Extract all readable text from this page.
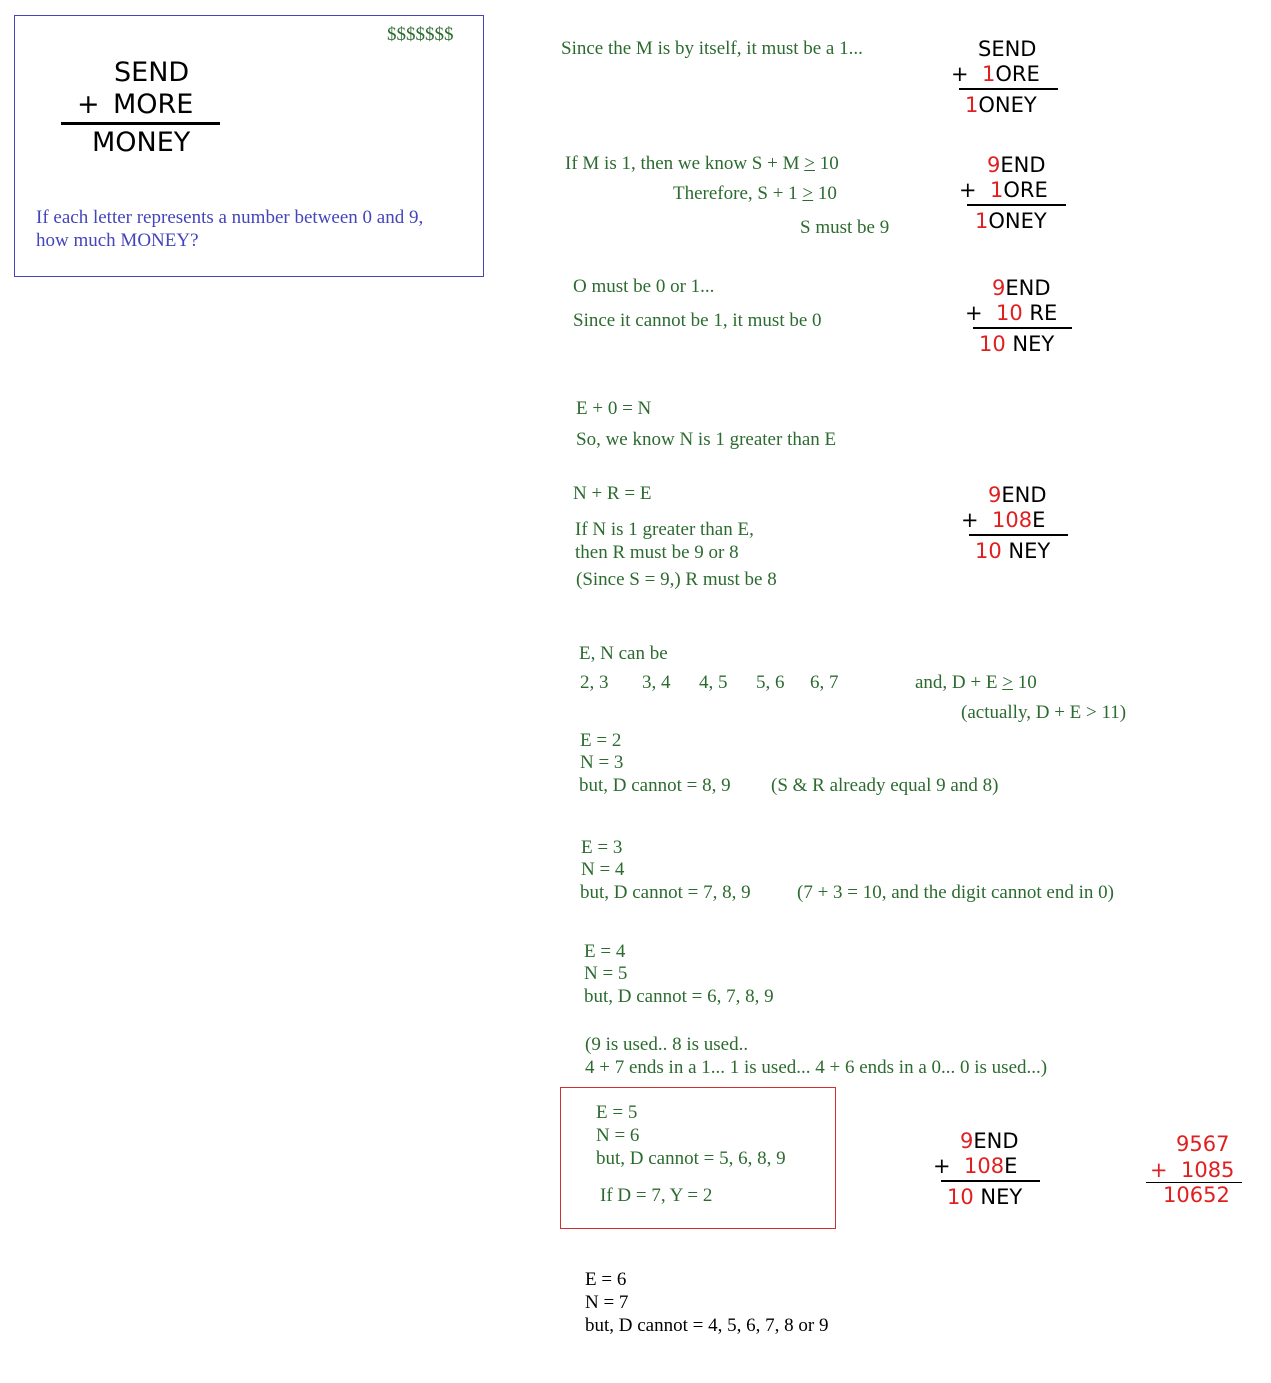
$$$$$$$
SEND
+ MORE
MONEY
If each letter represents a number between 0 and 9,
how much MONEY?
Since the M is by itself, it must be a 1...	SEND
+ 1ORE
1ONEY
If M is 1, then we know S + M ≥ 10
Therefore, S + 1 ≥ 10
S must be 9
9END
+ 1ORE
1ONEY
O must be 0 or 1...
Since it cannot be 1, it must be 0
9END
+ 10 RE
10 NEY
E + 0 = N
So, we know N is 1 greater than E
N + R = E
If N is 1 greater than E,
then R must be 9 or 8
(Since S = 9,) R must be 8
9END
+ 108E
10 NEY
E, N can be
2, 3 3, 4 4, 5 5, 6 6, 7	and, D + E ≥ 10
(actually, D + E > 11)
E = 2
N = 3
but, D cannot = 8, 9 (S & R already equal 9 and 8)
E = 3
N = 4
but, D cannot = 7, 8, 9 (7 + 3 = 10, and the digit cannot end in 0)
E = 4
N = 5
but, D cannot = 6, 7, 8, 9
(9 is used.. 8 is used..
4 + 7 ends in a 1... 1 is used... 4 + 6 ends in a 0... 0 is used...)
E = 5
N = 6
but, D cannot = 5, 6, 8, 9
If D = 7, Y = 2
9END
+ 108E
10 NEY
9567
+ 1085
10652
E = 6
N = 7
but, D cannot = 4, 5, 6, 7, 8 or 9
